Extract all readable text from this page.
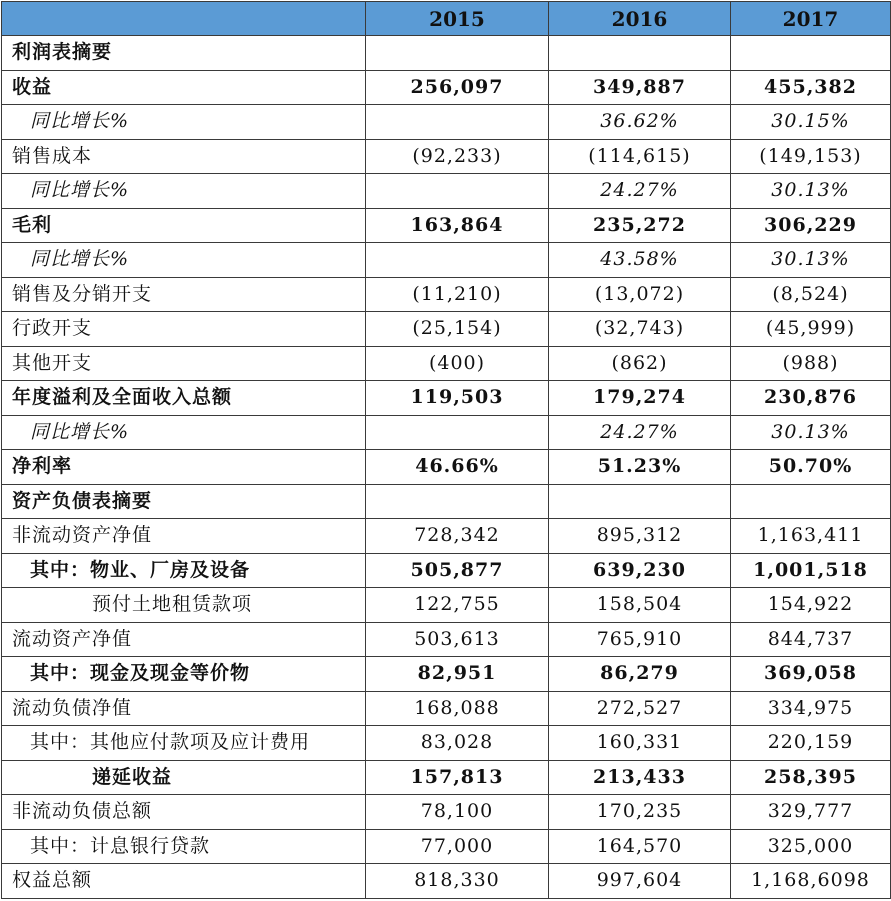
	2015	2016	2017
利润表摘要			
收益	256,097	349,887	455,382
同比增长%		36.62%	30.15%
销售成本	(92,233)	(114,615)	(149,153)
同比增长%		24.27%	30.13%
毛利	163,864	235,272	306,229
同比增长%		43.58%	30.13%
销售及分销开支	(11,210)	(13,072)	(8,524)
行政开支	(25,154)	(32,743)	(45,999)
其他开支	(400)	(862)	(988)
年度溢利及全面收入总额	119,503	179,274	230,876
同比增长%		24.27%	30.13%
净利率	46.66%	51.23%	50.70%
资产负债表摘要			
非流动资产净值	728,342	895,312	1,163,411
其中：物业、厂房及设备	505,877	639,230	1,001,518
预付土地租赁款项	122,755	158,504	154,922
流动资产净值	503,613	765,910	844,737
其中：现金及现金等价物	82,951	86,279	369,058
流动负债净值	168,088	272,527	334,975
其中：其他应付款项及应计费用	83,028	160,331	220,159
递延收益	157,813	213,433	258,395
非流动负债总额	78,100	170,235	329,777
其中：计息银行贷款	77,000	164,570	325,000
权益总额	818,330	997,604	1,168,6098
